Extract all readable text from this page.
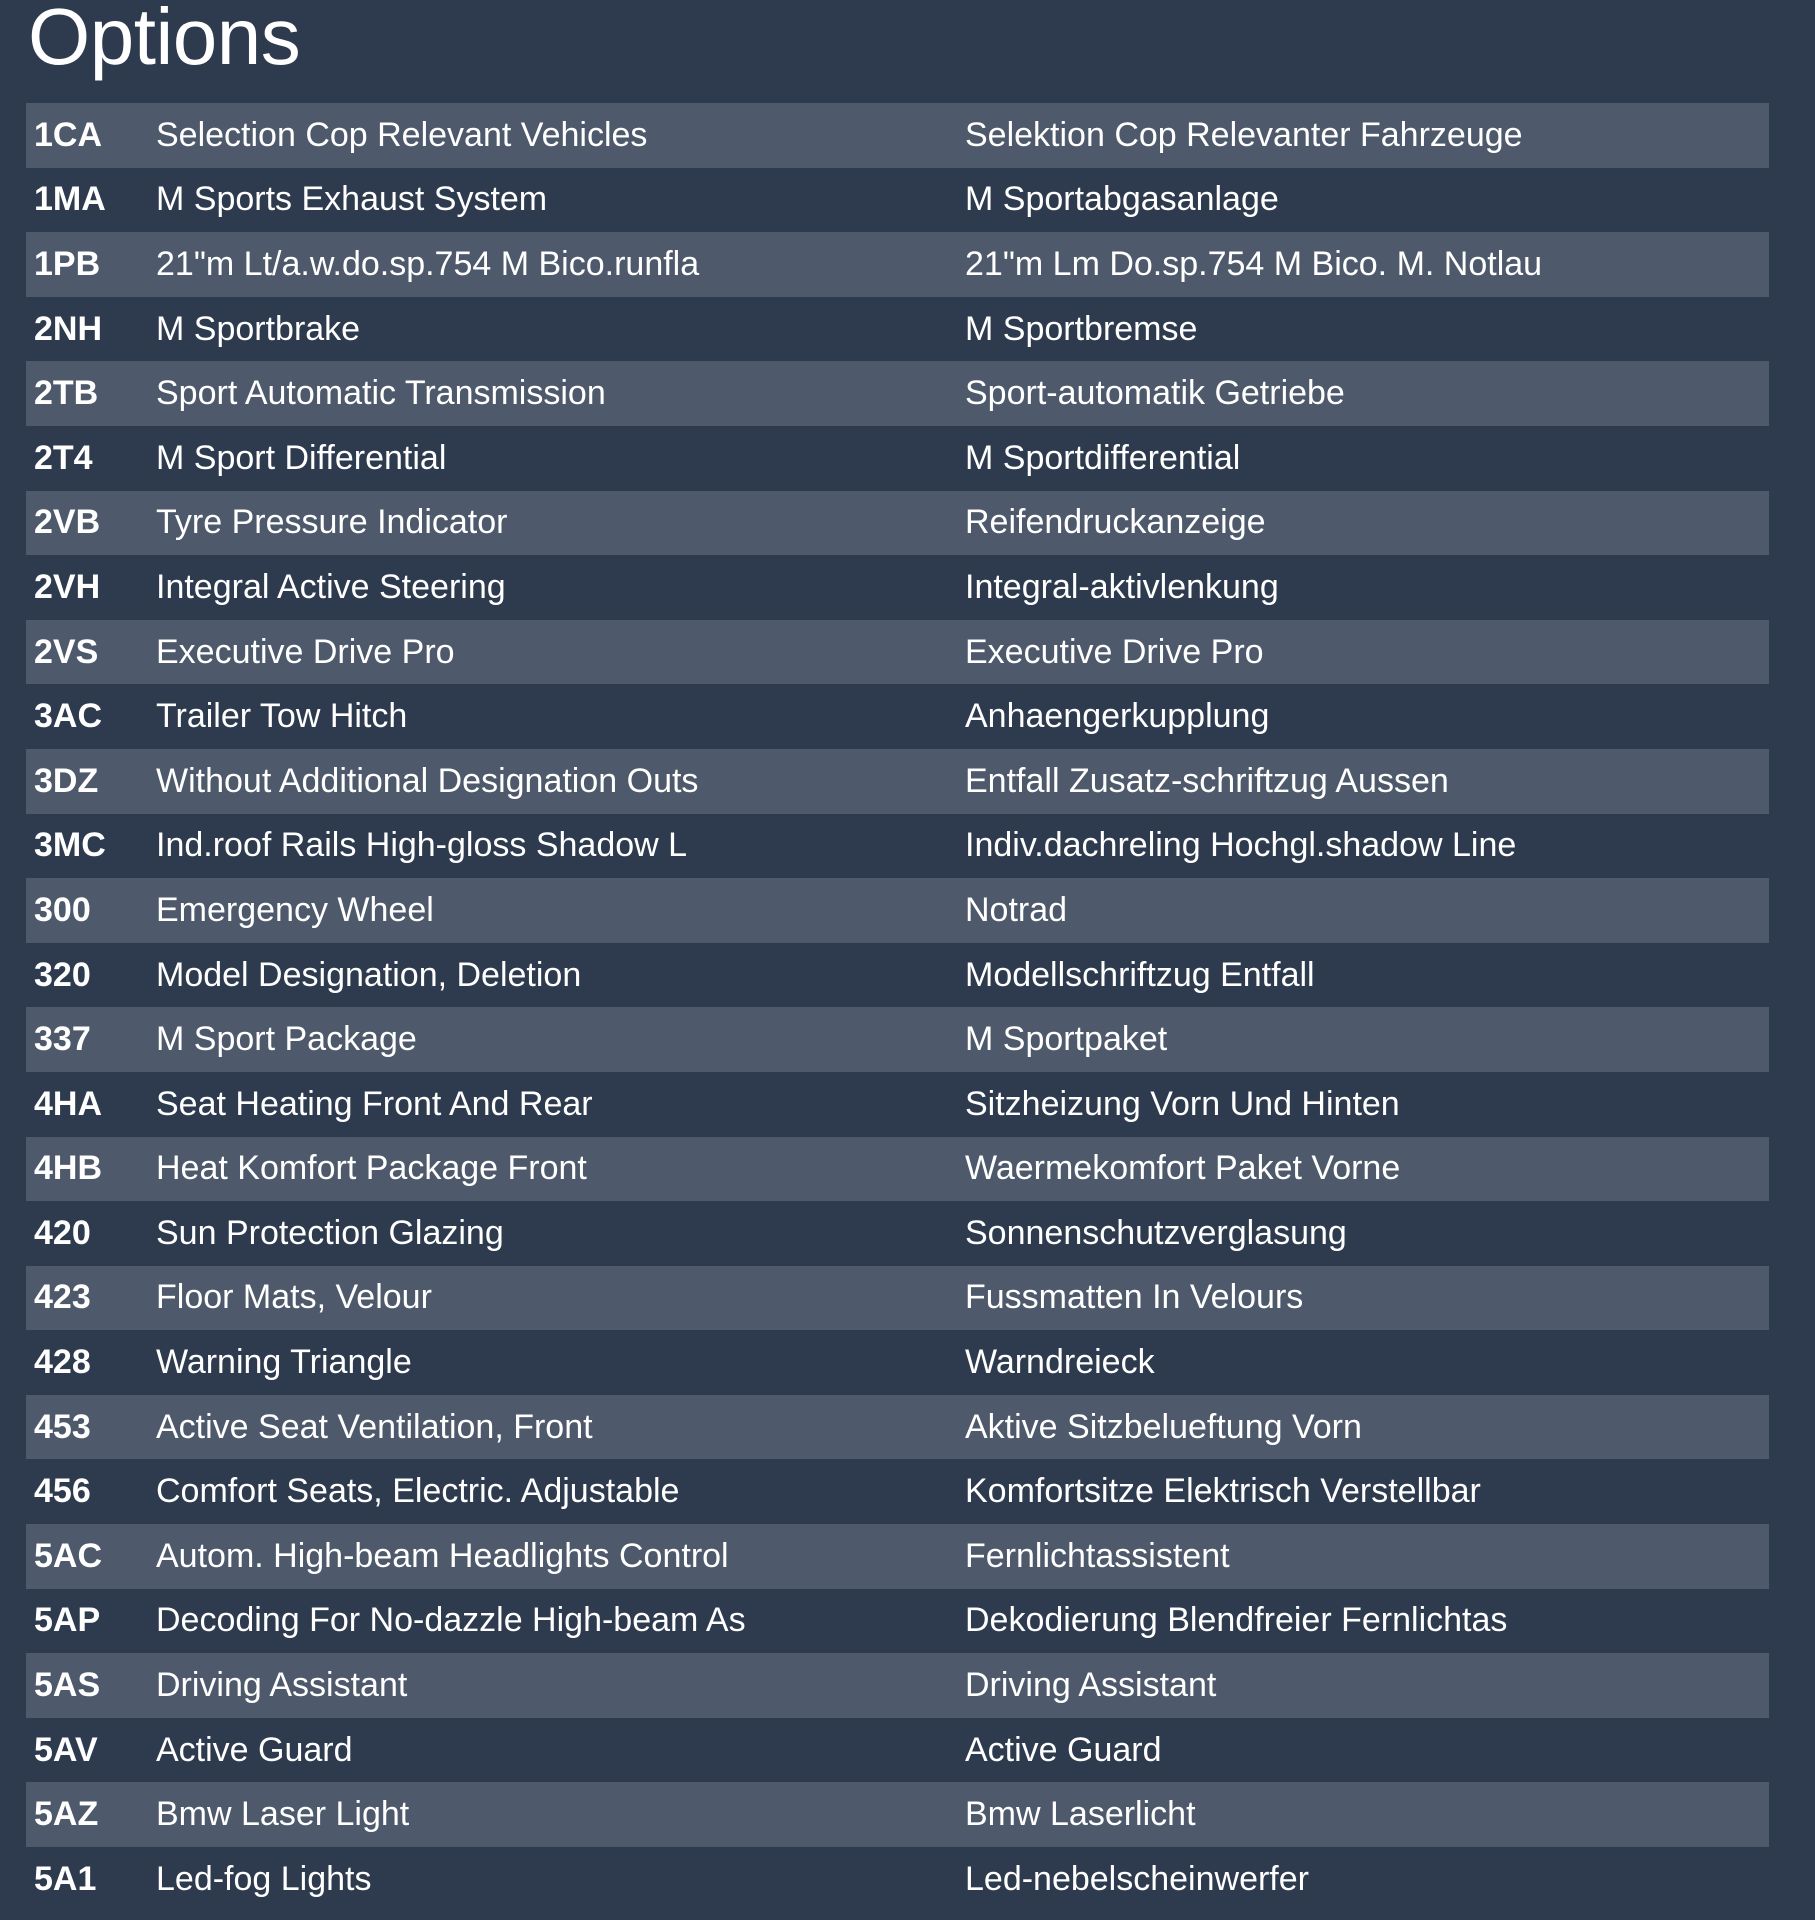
Options
1CA	Selection Cop Relevant Vehicles	Selektion Cop Relevanter Fahrzeuge
1MA	M Sports Exhaust System	M Sportabgasanlage
1PB	21"m Lt/a.w.do.sp.754 M Bico.runfla	21"m Lm Do.sp.754 M Bico. M. Notlau
2NH	M Sportbrake	M Sportbremse
2TB	Sport Automatic Transmission	Sport-automatik Getriebe
2T4	M Sport Differential	M Sportdifferential
2VB	Tyre Pressure Indicator	Reifendruckanzeige
2VH	Integral Active Steering	Integral-aktivlenkung
2VS	Executive Drive Pro	Executive Drive Pro
3AC	Trailer Tow Hitch	Anhaengerkupplung
3DZ	Without Additional Designation Outs	Entfall Zusatz-schriftzug Aussen
3MC	Ind.roof Rails High-gloss Shadow L	Indiv.dachreling Hochgl.shadow Line
300	Emergency Wheel	Notrad
320	Model Designation, Deletion	Modellschriftzug Entfall
337	M Sport Package	M Sportpaket
4HA	Seat Heating Front And Rear	Sitzheizung Vorn Und Hinten
4HB	Heat Komfort Package Front	Waermekomfort Paket Vorne
420	Sun Protection Glazing	Sonnenschutzverglasung
423	Floor Mats, Velour	Fussmatten In Velours
428	Warning Triangle	Warndreieck
453	Active Seat Ventilation, Front	Aktive Sitzbelueftung Vorn
456	Comfort Seats, Electric. Adjustable	Komfortsitze Elektrisch Verstellbar
5AC	Autom. High-beam Headlights Control	Fernlichtassistent
5AP	Decoding For No-dazzle High-beam As	Dekodierung Blendfreier Fernlichtas
5AS	Driving Assistant	Driving Assistant
5AV	Active Guard	Active Guard
5AZ	Bmw Laser Light	Bmw Laserlicht
5A1	Led-fog Lights	Led-nebelscheinwerfer
